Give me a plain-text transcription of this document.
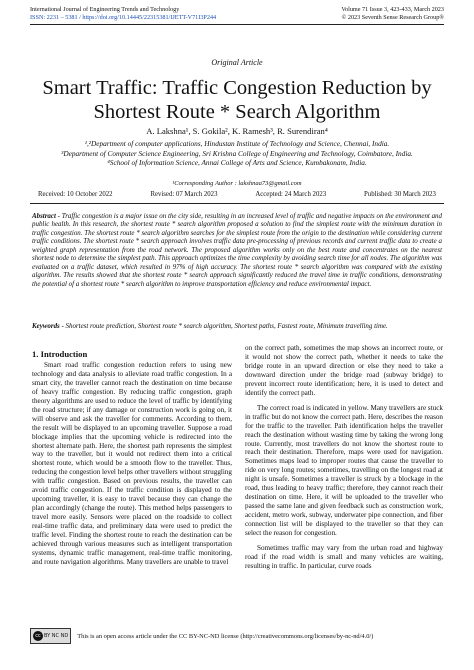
International Journal of Engineering Trends and Technology
ISSN: 2231 – 5381 / https://doi.org/10.14445/22315381/IJETT-V71I3P244
Volume 71 Issue 3, 423-433, March 2023
© 2023 Seventh Sense Research Group®
Original Article
Smart Traffic: Traffic Congestion Reduction by Shortest Route * Search Algorithm
A. Lakshna¹, S. Gokila², K. Ramesh³, R. Surendiran⁴
¹,²Department of computer applications, Hindustan Institute of Technology and Science, Chennai, India.
³Department of Computer Science Engineering, Sri Krishna College of Engineering and Technology, Coimbatore, India.
⁴School of Information Science, Annai College of Arts and Science, Kumbakonam, India.
¹Corresponding Author : lakshnaa73@gmail.com
Received: 10 October 2022	Revised: 07 March 2023	Accepted: 24 March 2023	Published: 30 March 2023
Abstract - Traffic congestion is a major issue on the city side, resulting in an increased level of traffic and negative impacts on the environment and public health. In this research, the shortest route * search algorithm proposed a solution to find the simplest route with the minimum duration in traffic congestion. The shortest route * search algorithm searches for the simplest route from the origin to the destination while considering current traffic conditions. The shortest route * search approach involves traffic data pre-processing of previous records and current traffic data to create a weighted graph representation from the road network. The proposed algorithm works only on the best route and concentrates on the nearest shortest node to determine the simplest path. This approach optimizes the time complexity by avoiding search time for all nodes. The algorithm was evaluated on a traffic dataset, which resulted in 97% of high accuracy. The shortest route * search algorithm was compared with the existing algorithm. The results showed that the shortest route * search approach significantly reduced the travel time in traffic conditions, demonstrating the potential of a shortest route * search algorithm to improve transportation efficiency and reduce environmental impact.
Keywords - Shortest route prediction, Shortest route * search algorithm, Shortest paths, Fastest route, Minimum travelling time.
1. Introduction

Smart road traffic congestion reduction refers to using new technology and data analysis to alleviate road traffic congestion. In a smart city, the traveller cannot reach the destination on time because of heavy traffic congestion. By reducing traffic congestion, graph theory algorithms are used to reduce the level of traffic by identifying the road structure; if any damage or construction work is going on, it will observe and ask the traveller for comments. According to them, the result will be displayed to an upcoming traveller. Suppose a road blockage implies that the upcoming vehicle is redirected into the shortest alternate path. Here, the shortest path represents the simplest way to the traveller, but it would not redirect them into a critical shortest route, which would be a smooth flow to the traveller. Thus, reducing the congestion level helps other travellers without struggling with traffic congestion. Based on previous results, the traveller can avoid traffic congestion. If the traffic condition is displayed to the upcoming traveller, it is easy to travel because they can change the plan accordingly (change the route). This method helps passengers to travel more easily. Sensors were placed on the roadside to collect real-time traffic data, and preliminary data were used to predict the traffic level. Finding the shortest route to reach the destination can be achieved through various measures such as intelligent transportation systems, dynamic traffic management, real-time traffic monitoring, and route navigation algorithms. Many travellers are unable to travel

on the correct path, sometimes the map shows an incorrect route, or it would not show the correct path, whether it needs to take the bridge route in an upward direction or else they need to take a downward direction under the bridge road (subway bridge) to prevent incorrect route identification; here, it is used to detect and identify the correct path.

The correct road is indicated in yellow. Many travellers are stuck in traffic but do not know the correct path. Here, describes the reason for the traffic to the traveller. Path identification helps the traveller reach the destination without wasting time by taking the wrong long route. Currently, most travellers do not know the shortest route to reach their destination. Therefore, maps were used for navigation. Sometimes maps lead to improper routes that cause the traveller to ride on very long routes; sometimes, travelling on the longest road at night is unsafe. Sometimes a traveller is struck by a blockage in the road, thus leading to heavy traffic; therefore, they cannot reach their destination on time. Here, it will be uploaded to the traveller who passed the same lane and given feedback such as construction work, accident, metro work, subway, underwater pipe connection, and fiber connection list will be displayed to the traveller so that they can select the reason for congestion.

Sometimes traffic may vary from the urban road and highway road if the road width is small and many vehicles are waiting, resulting in traffic. In particular, curve roads

cc BY NC ND This is an open access article under the CC BY-NC-ND license (http://creativecommons.org/licenses/by-nc-nd/4.0/)
